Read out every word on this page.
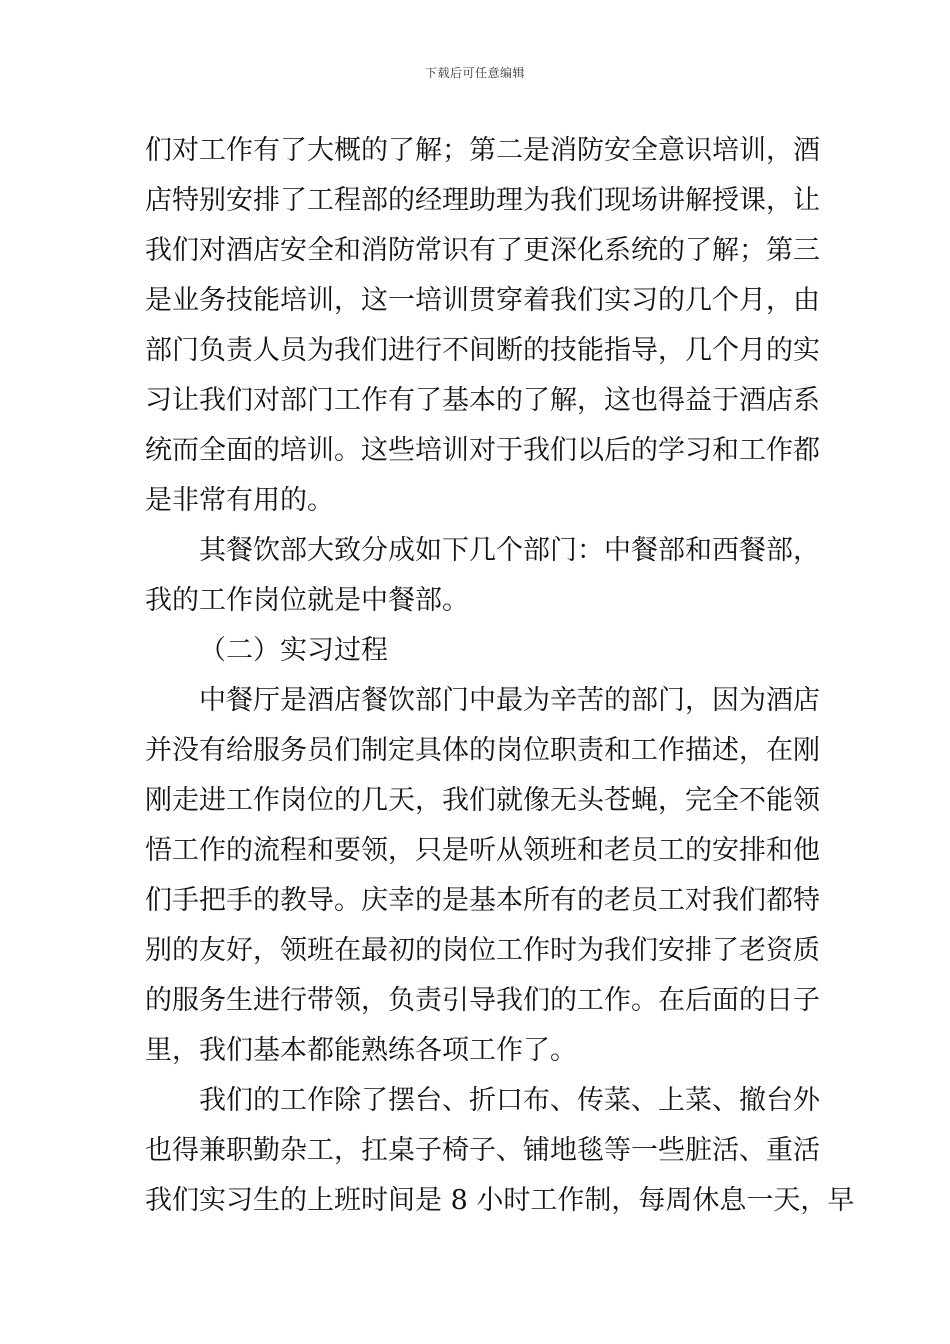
下载后可任意编辑
们对工作有了大概的了解；第二是消防安全意识培训，酒
店特别安排了工程部的经理助理为我们现场讲解授课，让
我们对酒店安全和消防常识有了更深化系统的了解；第三
是业务技能培训，这一培训贯穿着我们实习的几个月，由
部门负责人员为我们进行不间断的技能指导，几个月的实
习让我们对部门工作有了基本的了解，这也得益于酒店系
统而全面的培训。这些培训对于我们以后的学习和工作都
是非常有用的。
其餐饮部大致分成如下几个部门：中餐部和西餐部，
我的工作岗位就是中餐部。
（二）实习过程
中餐厅是酒店餐饮部门中最为辛苦的部门，因为酒店
并没有给服务员们制定具体的岗位职责和工作描述，在刚
刚走进工作岗位的几天，我们就像无头苍蝇，完全不能领
悟工作的流程和要领，只是听从领班和老员工的安排和他
们手把手的教导。庆幸的是基本所有的老员工对我们都特
别的友好，领班在最初的岗位工作时为我们安排了老资质
的服务生进行带领，负责引导我们的工作。在后面的日子
里，我们基本都能熟练各项工作了。
我们的工作除了摆台、折口布、传菜、上菜、撤台外
也得兼职勤杂工，扛桌子椅子、铺地毯等一些脏活、重活
我们实习生的上班时间是 8 小时工作制，每周休息一天，早
